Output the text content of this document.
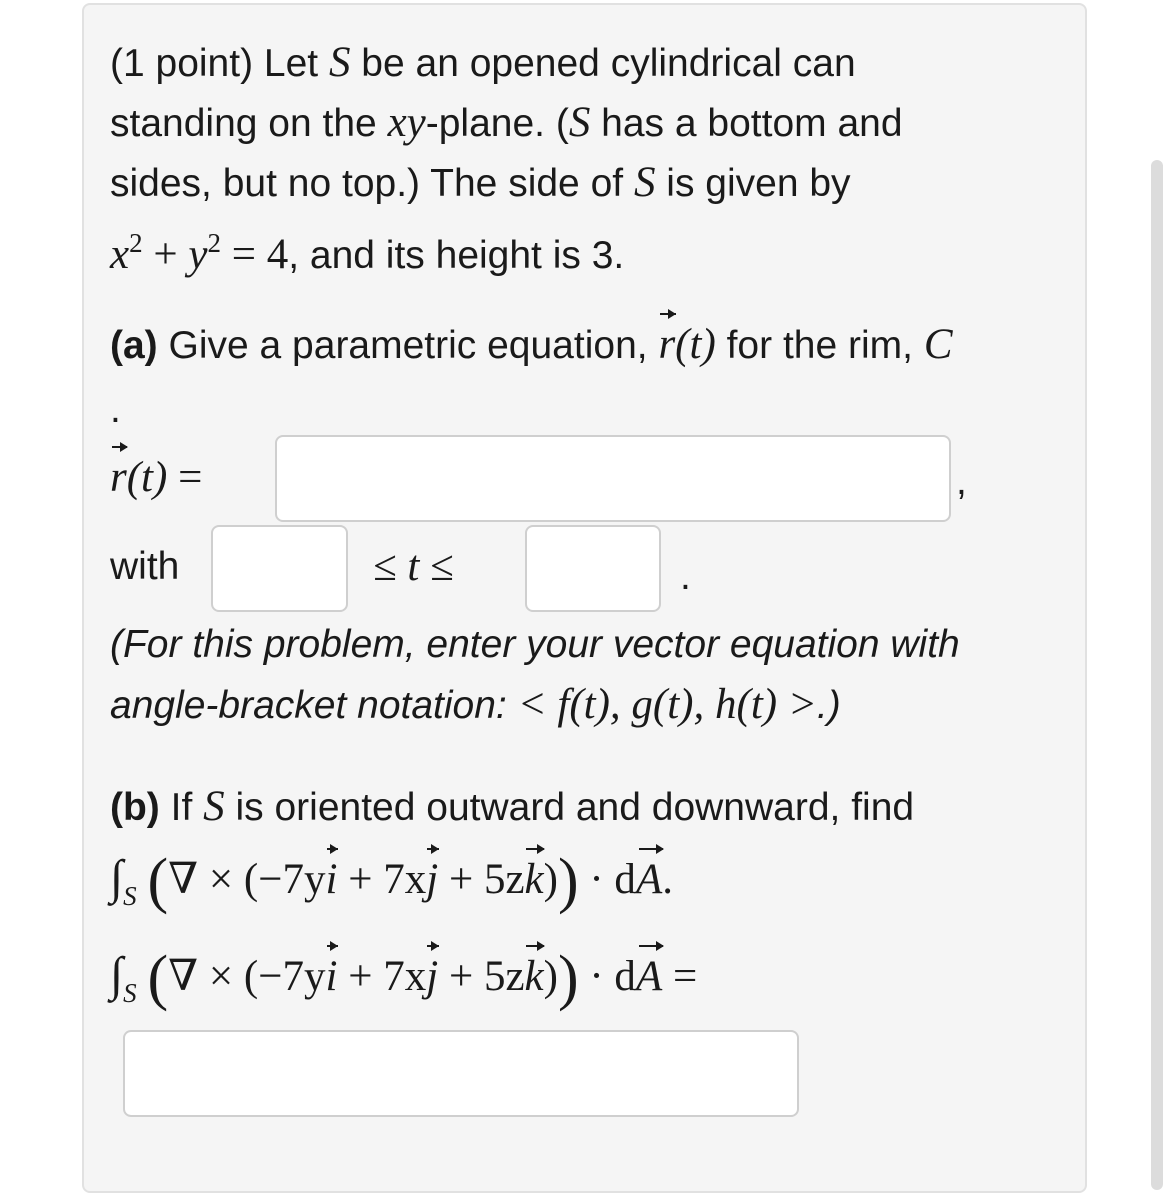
(1 point) Let S be an opened cylindrical can
standing on the xy-plane. (S has a bottom and
sides, but no top.) The side of S is given by
$x^2 + y^2 = 4$, and its height is 3.
(a) Give a parametric equation, r(t) for the rim, C
.
r(t) =	,
with	≤ t ≤	.
(For this problem, enter your vector equation with
angle-bracket notation: < f(t), g(t), h(t) >.)
(b) If S is oriented outward and downward, find
$\int_S$ (∇ × (−7yi + 7xj + 5zk)) · dA.
$\int_S$ (∇ × (−7yi + 7xj + 5zk)) · dA =
